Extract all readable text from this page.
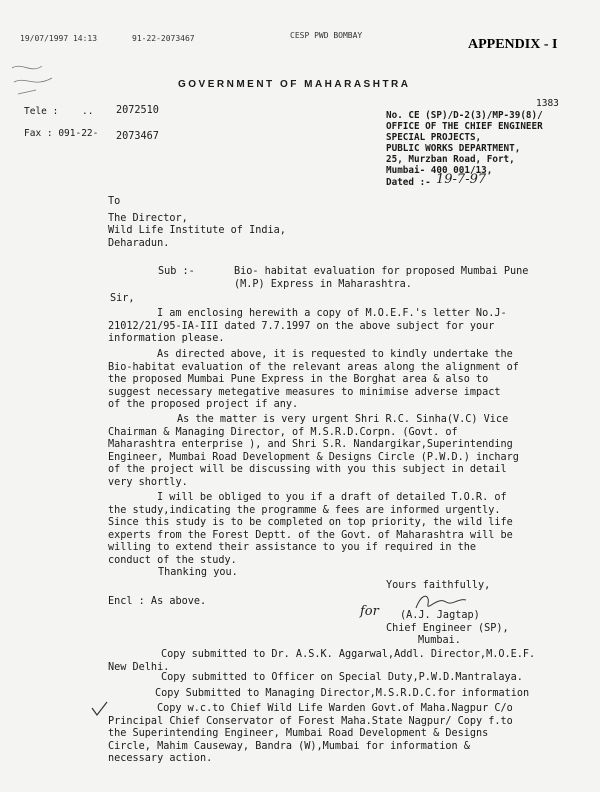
19/07/1997 14:13	91-22-2073467	CESP PWD BOMBAY
APPENDIX - I
GOVERNMENT OF MAHARASHTRA
Tele : .. 2072510
Fax : 091-22- 2073467
1383
No. CE (SP)/D-2(3)/MP-39(8)/
OFFICE OF THE CHIEF ENGINEER
SPECIAL PROJECTS,
PUBLIC WORKS DEPARTMENT,
25, Murzban Road, Fort,
Mumbai- 400 001/13,
Dated :- 19-7-97
To
The Director,
Wild Life Institute of India,
Deharadun.
Sub :-	Bio- habitat evaluation for proposed Mumbai Pune
(M.P) Express in Maharashtra.
Sir,
I am enclosing herewith a copy of M.O.E.F.'s letter No.J-
21012/21/95-IA-III dated 7.7.1997 on the above subject for your
information please.
As directed above, it is requested to kindly undertake the
Bio-habitat evaluation of the relevant areas along the alignment of
the proposed Mumbai Pune Express in the Borghat area & also to
suggest necessary metegative measures to minimise adverse impact
of the proposed project if any.
As the matter is very urgent Shri R.C. Sinha(V.C) Vice
Chairman & Managing Director, of M.S.R.D.Corpn. (Govt. of
Maharashtra enterprise ), and Shri S.R. Nandargikar,Superintending
Engineer, Mumbai Road Development & Designs Circle (P.W.D.) incharg
of the project will be discussing with you this subject in detail
very shortly.
I will be obliged to you if a draft of detailed T.O.R. of
the study,indicating the programme & fees are informed urgently.
Since this study is to be completed on top priority, the wild life
experts from the Forest Deptt. of the Govt. of Maharashtra will be
willing to extend their assistance to you if required in the
conduct of the study.
Thanking you.
Yours faithfully,
Encl : As above.
for	(A.J. Jagtap)
Chief Engineer (SP),
Mumbai.
Copy submitted to Dr. A.S.K. Aggarwal,Addl. Director,M.O.E.F.
New Delhi.
Copy submitted to Officer on Special Duty,P.W.D.Mantralaya.
Copy Submitted to Managing Director,M.S.R.D.C.for information
Copy w.c.to Chief Wild Life Warden Govt.of Maha.Nagpur C/o
Principal Chief Conservator of Forest Maha.State Nagpur/ Copy f.to
the Superintending Engineer, Mumbai Road Development & Designs
Circle, Mahim Causeway, Bandra (W),Mumbai for information &
necessary action.
